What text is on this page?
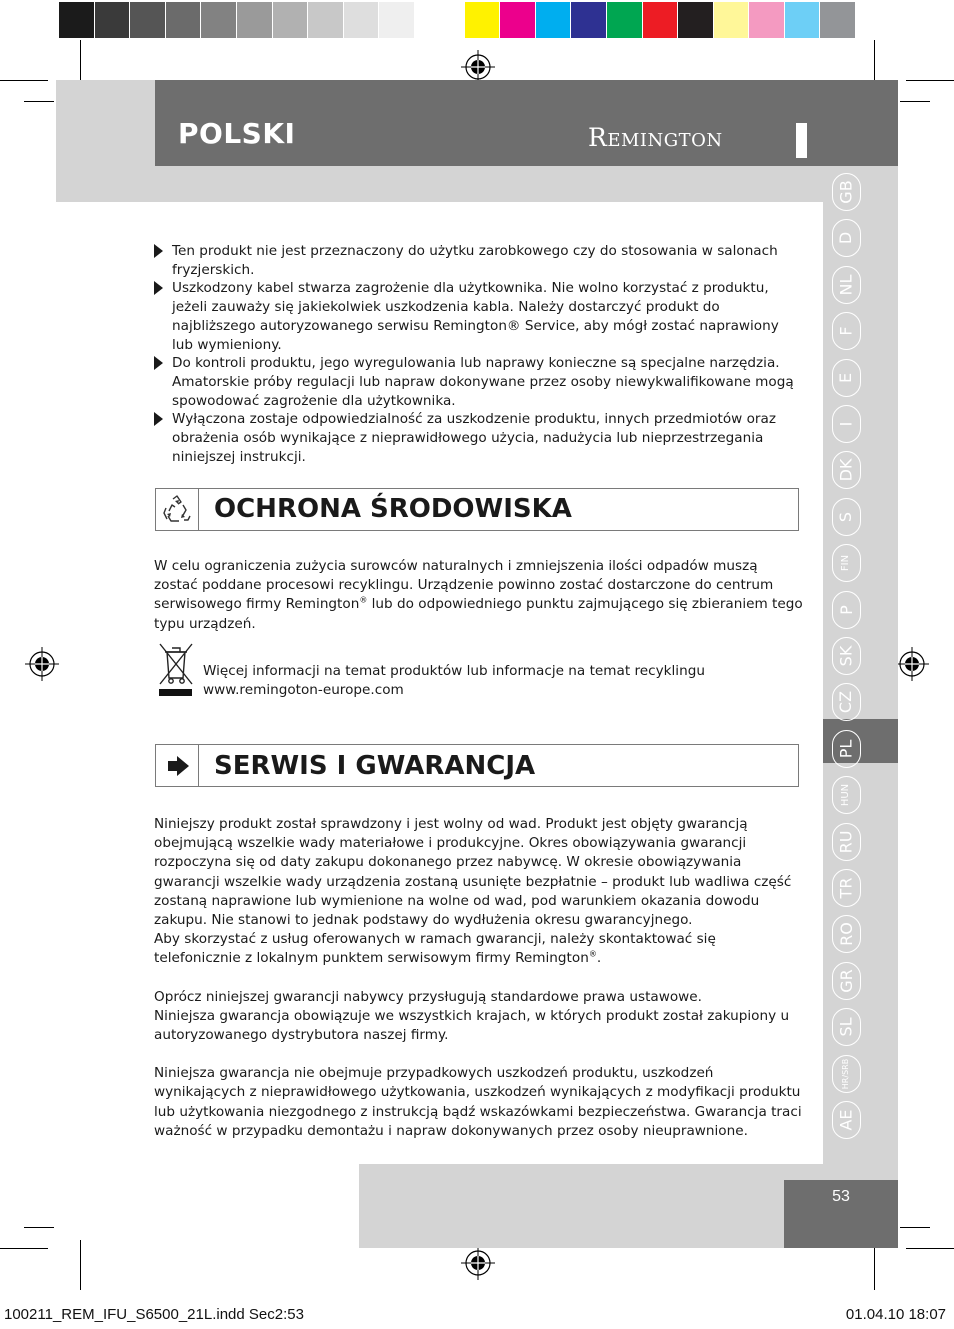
POLSKI	Remington
GB
D
NL
F
E
I
DK
S
FIN
P
SK
CZ
PL
HUN
RU
TR
RO
GR
SL
HR/SRB
AE
Ten produkt nie jest przeznaczony do użytku zarobkowego czy do stosowania w salonach fryzjerskich.
Uszkodzony kabel stwarza zagrożenie dla użytkownika. Nie wolno korzystać z produktu, jeżeli zauważy się jakiekolwiek uszkodzenia kabla. Należy dostarczyć produkt do najbliższego autoryzowanego serwisu Remington® Service, aby mógł zostać naprawiony lub wymieniony.
Do kontroli produktu, jego wyregulowania lub naprawy konieczne są specjalne narzędzia. Amatorskie próby regulacji lub napraw dokonywane przez osoby niewykwalifikowane mogą spowodować zagrożenie dla użytkownika.
Wyłączona zostaje odpowiedzialność za uszkodzenie produktu, innych przedmiotów oraz obrażenia osób wynikające z nieprawidłowego użycia, nadużycia lub nieprzestrzegania niniejszej instrukcji.
OCHRONA ŚRODOWISKA

W celu ograniczenia zużycia surowców naturalnych i zmniejszenia ilości odpadów muszą zostać poddane procesowi recyklingu. Urządzenie powinno zostać dostarczone do centrum serwisowego firmy Remington® lub do odpowiedniego punktu zajmującego się zbieraniem tego typu urządzeń.

Więcej informacji na temat produktów lub informacje na temat recyklingu
www.remingoton-europe.com
SERWIS I GWARANCJA
Niniejszy produkt został sprawdzony i jest wolny od wad. Produkt jest objęty gwarancją obejmującą wszelkie wady materiałowe i produkcyjne. Okres obowiązywania gwarancji rozpoczyna się od daty zakupu dokonanego przez nabywcę. W okresie obowiązywania gwarancji wszelkie wady urządzenia zostaną usunięte bezpłatnie – produkt lub wadliwa część zostaną naprawione lub wymienione na wolne od wad, pod warunkiem okazania dowodu zakupu. Nie stanowi to jednak podstawy do wydłużenia okresu gwarancyjnego.
Aby skorzystać z usług oferowanych w ramach gwarancji, należy skontaktować się telefonicznie z lokalnym punktem serwisowym firmy Remington®.
Oprócz niniejszej gwarancji nabywcy przysługują standardowe prawa ustawowe.
Niniejsza gwarancja obowiązuje we wszystkich krajach, w których produkt został zakupiony u autoryzowanego dystrybutora naszej firmy.
Niniejsza gwarancja nie obejmuje przypadkowych uszkodzeń produktu, uszkodzeń wynikających z nieprawidłowego użytkowania, uszkodzeń wynikających z modyfikacji produktu lub użytkowania niezgodnego z instrukcją bądź wskazówkami bezpieczeństwa. Gwarancja traci ważność w przypadku demontażu i napraw dokonywanych przez osoby nieuprawnione.
53
100211_REM_IFU_S6500_21L.indd Sec2:53	01.04.10 18:07
